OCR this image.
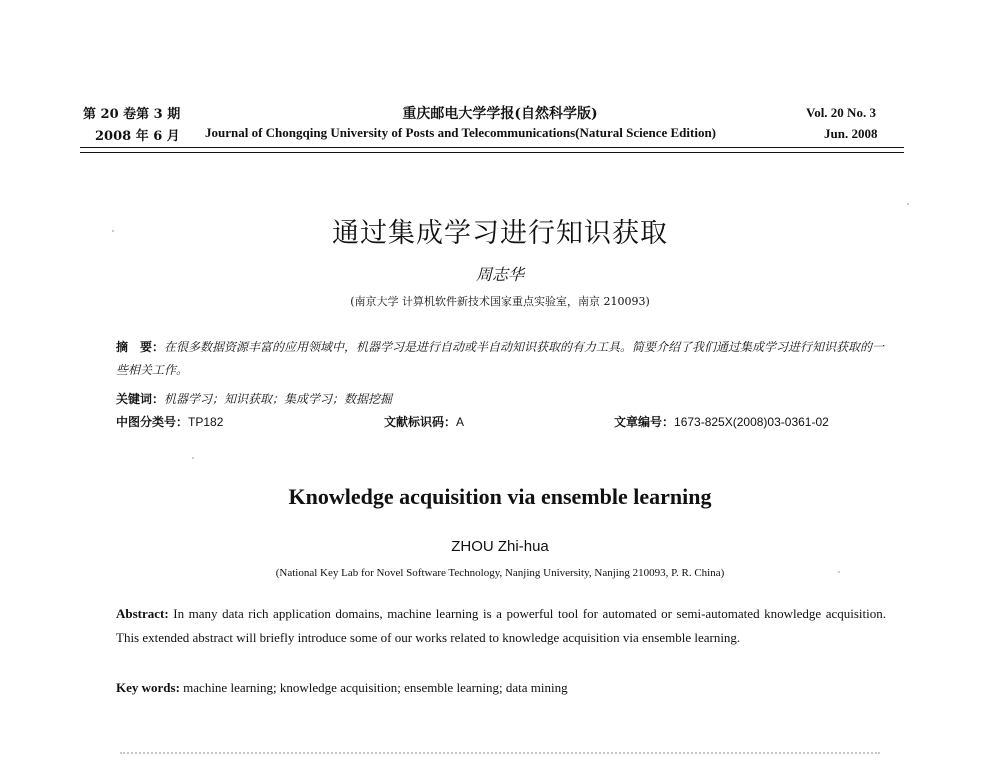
第 20 卷第 3 期
2008 年 6 月
重庆邮电大学学报(自然科学版)
Journal of Chongqing University of Posts and Telecommunications(Natural Science Edition)
Vol. 20 No. 3
Jun. 2008
通过集成学习进行知识获取
周志华
(南京大学 计算机软件新技术国家重点实验室，南京 210093)
摘　要：在很多数据资源丰富的应用领域中，机器学习是进行自动或半自动知识获取的有力工具。简要介绍了我们通过集成学习进行知识获取的一些相关工作。
关键词：机器学习；知识获取；集成学习；数据挖掘
中图分类号：TP182	文献标识码：A	文章编号：1673-825X(2008)03-0361-02
Knowledge acquisition via ensemble learning
ZHOU Zhi-hua
(National Key Lab for Novel Software Technology, Nanjing University, Nanjing 210093, P. R. China)
Abstract: In many data rich application domains, machine learning is a powerful tool for automated or semi-automated knowledge acquisition. This extended abstract will briefly introduce some of our works related to knowledge acquisition via ensemble learning.
Key words: machine learning; knowledge acquisition; ensemble learning; data mining
